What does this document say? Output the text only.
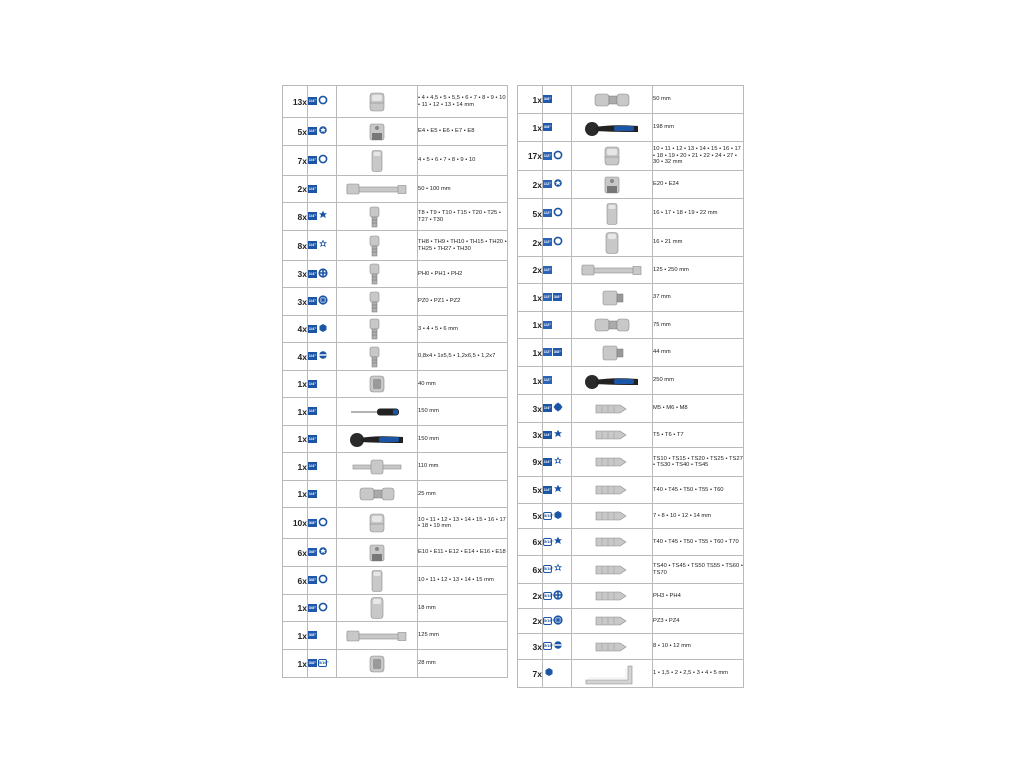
13x	1/4"		• 4 • 4,5 • 5 • 5,5 • 6 • 7 • 8 • 9 • 10 • 11 • 12 • 13 • 14 mm
5x	1/4"		E4 • E5 • E6 • E7 • E8
7x	1/4"		4 • 5 • 6 • 7 • 8 • 9 • 10
2x	1/4"		50 • 100 mm
8x	1/4"		T8 • T9 • T10 • T15 • T20 • T25 • T27 • T30
8x	1/4"		TH8 • TH9 • TH10 • TH15 • TH20 • TH25 • TH27 • TH30
3x	1/4"		PH0 • PH1 • PH2
3x	1/4"		PZ0 • PZ1 • PZ2
4x	1/4"		3 • 4 • 5 • 6 mm
4x	1/4"		0,8x4 • 1x5,5 • 1,2x6,5 • 1,2x7
1x	1/4"		40 mm
1x	1/4"		150 mm
1x	1/4"		150 mm
1x	1/4"		110 mm
1x	1/4"		25 mm
10x	3/8"		10 • 11 • 12 • 13 • 14 • 15 • 16 • 17 • 18 • 19 mm
6x	3/8"		E10 • E11 • E12 • E14 • E16 • E18
6x	3/8"		10 • 11 • 12 • 13 • 14 • 15 mm
1x	3/8"		18 mm
1x	3/8"		125 mm
1x	3/8" 5/16"		28 mm
1x	3/8"		50 mm
1x	3/8"		198 mm
17x	1/2"		10 • 11 • 12 • 13 • 14 • 15 • 16 • 17 • 18 • 19 • 20 • 21 • 22 • 24 • 27 • 30 • 32 mm
2x	1/2"		E20 • E24
5x	1/2"		16 • 17 • 18 • 19 • 22 mm
2x	1/2"		16 • 21 mm
2x	1/2"		125 • 250 mm
1x	1/2" 3/8"		37 mm
1x	1/2"		75 mm
1x	1/2" 3/8"		44 mm
1x	1/2"		250 mm
3x	1/4"		M5 • M6 • M8
3x	1/4"		T5 • T6 • T7
9x	1/4"		TS10 • TS15 • TS20 • TS25 • TS27 • TS30 • TS40 • TS45
5x	1/4"		T40 • T45 • T50 • T55 • T60
5x	5/16"		7 • 8 • 10 • 12 • 14 mm
6x	5/16"		T40 • T45 • T50 • T55 • T60 • T70
6x	5/16"		TS40 • TS45 • TS50 TS55 • TS60 • TS70
2x	5/16"		PH3 • PH4
2x	5/16"		PZ3 • PZ4
3x	5/16"		8 • 10 • 12 mm
7x			1 • 1,5 • 2 • 2,5 • 3 • 4 • 5 mm
